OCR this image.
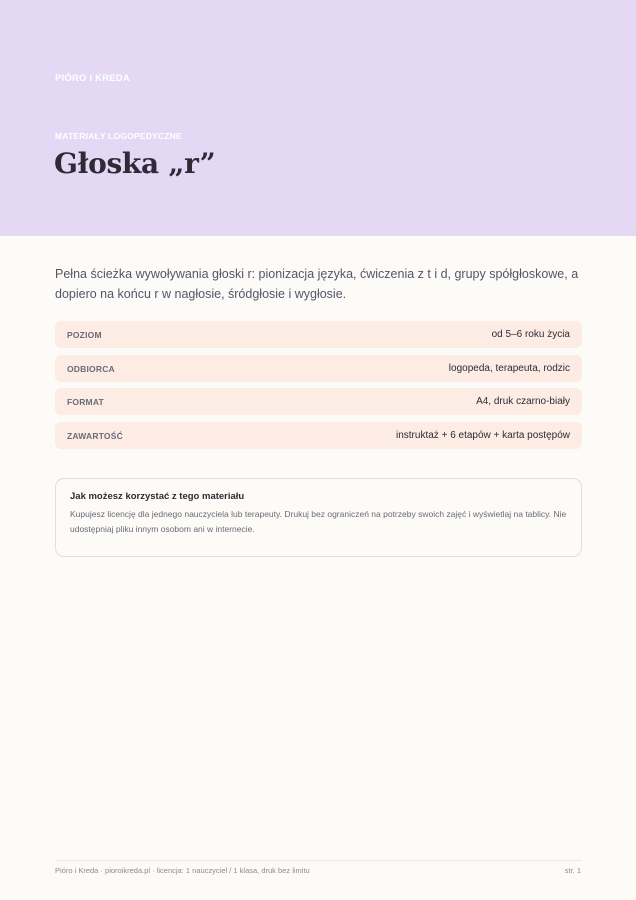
PIÓRO I KREDA
MATERIAŁY LOGOPEDYCZNE
Głoska „r”

Pełna ścieżka wywoływania głoski r: pionizacja języka, ćwiczenia z t i d, grupy spółgłoskowe, a dopiero na końcu r w nagłosie, śródgłosie i wygłosie.

POZIOM	od 5–6 roku życia
ODBIORCA	logopeda, terapeuta, rodzic
FORMAT	A4, druk czarno-biały
ZAWARTOŚĆ	instruktaż + 6 etapów + karta postępów

Jak możesz korzystać z tego materiału

Kupujesz licencję dla jednego nauczyciela lub terapeuty. Drukuj bez ograniczeń na potrzeby swoich zajęć i wyświetlaj na tablicy. Nie udostępniaj pliku innym osobom ani w internecie.

Pióro i Kreda · pioroikreda.pl · licencja: 1 nauczyciel / 1 klasa, druk bez limitu	str. 1
